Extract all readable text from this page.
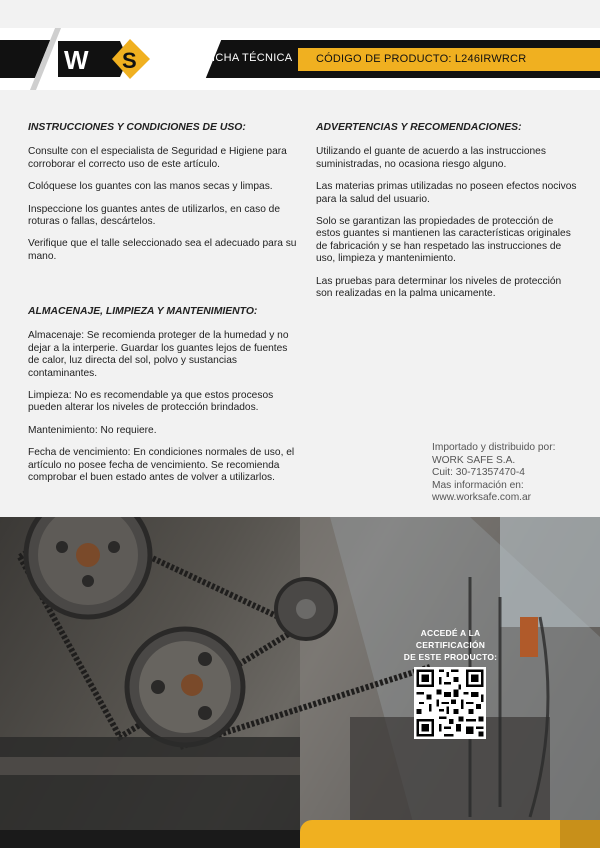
W S	FICHA TÉCNICA CÓDIGO DE PRODUCTO: L246IRWRCR
INSTRUCCIONES Y CONDICIONES DE USO:

Consulte con el especialista de Seguridad e Higiene para corroborar el correcto uso de este artículo.

Colóquese los guantes con las manos secas y limpas.

Inspeccione los guantes antes de utilizarlos, en caso de roturas o fallas, descártelos.

Verifique que el talle seleccionado sea el adecuado para su mano.

ALMACENAJE, LIMPIEZA Y MANTENIMIENTO:

Almacenaje: Se recomienda proteger de la humedad y no dejar a la interperie. Guardar los guantes lejos de fuentes de calor, luz directa del sol, polvo y sustancias contaminantes.

Limpieza: No es recomendable ya que estos procesos pueden alterar los niveles de protección brindados.

Mantenimiento: No requiere.

Fecha de vencimiento: En condiciones normales de uso, el artículo no posee fecha de vencimiento. Se recomienda comprobar el buen estado antes de volver a utilizarlos.

ADVERTENCIAS Y RECOMENDACIONES:

Utilizando el guante de acuerdo a las instrucciones suministradas, no ocasiona riesgo alguno.

Las materias primas utilizadas no poseen efectos nocivos para la salud del usuario.

Solo se garantizan las propiedades de protección de estos guantes si mantienen las características originales de fabricación y se han respetado las instrucciones de uso, limpieza y mantenimiento.

Las pruebas para determinar los niveles de protección son realizadas en la palma unicamente.

Importado y distribuido por:
WORK SAFE S.A.
Cuit: 30-71357470-4
Mas información en:
www.worksafe.com.ar
ACCEDÉ A LA CERTIFICACIÓN
DE ESTE PRODUCTO:
